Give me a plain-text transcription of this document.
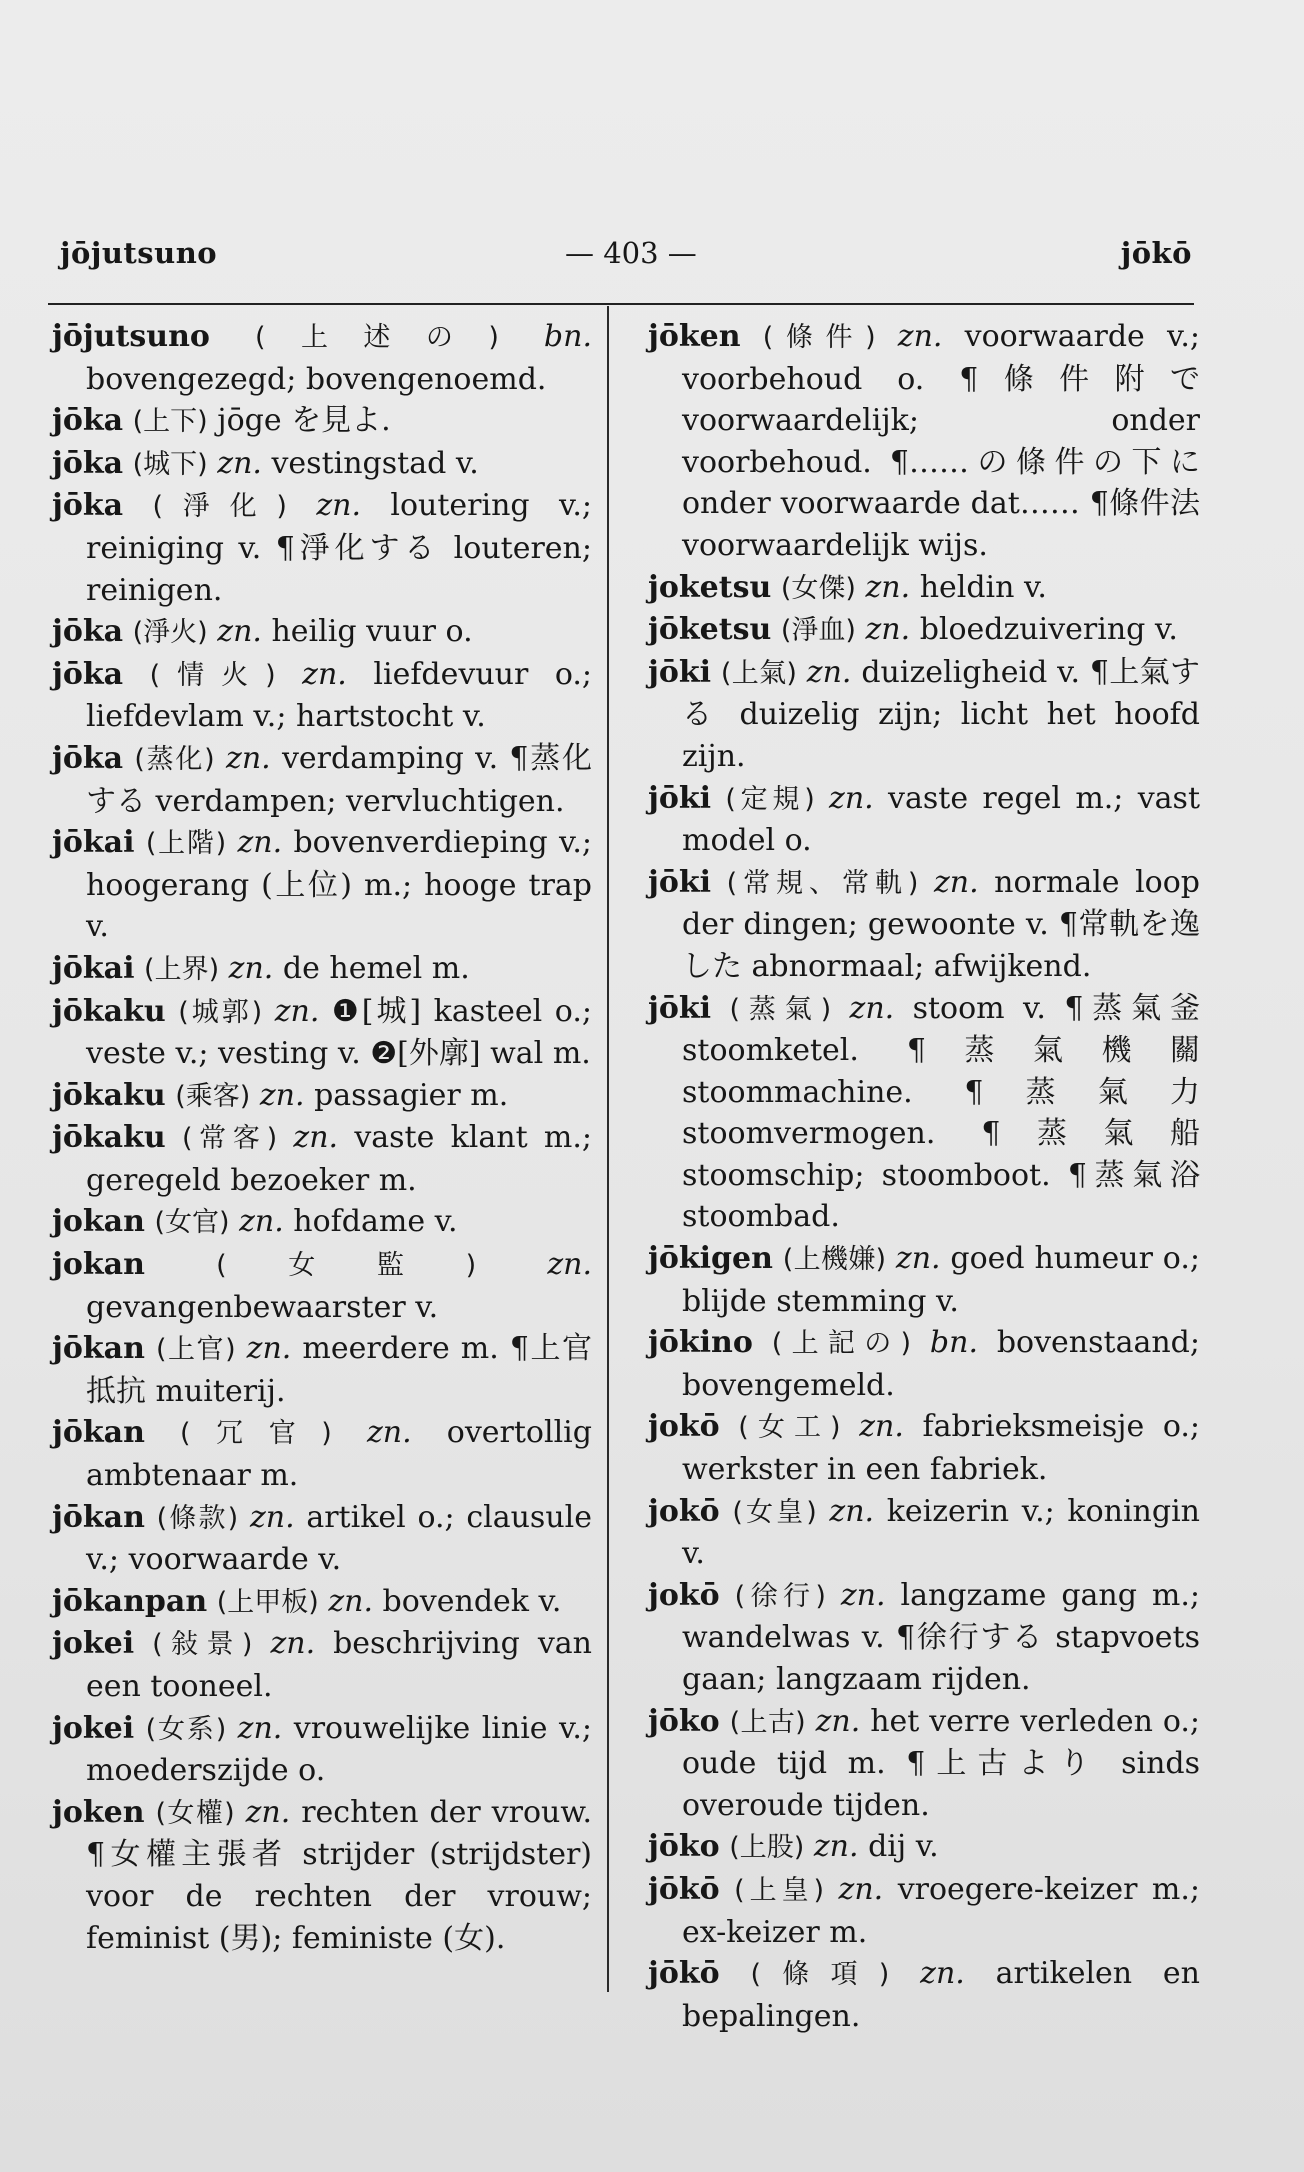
jōjutsuno	— 403 —	jōkō

jōjutsuno (上述の) bn. bovengezegd; bovengenoemd.

jōka (上下) jōge を見よ.

jōka (城下) zn. vestingstad v.

jōka (淨化) zn. loutering v.; reiniging v. ¶淨化する louteren; reinigen.

jōka (淨火) zn. heilig vuur o.

jōka (情火) zn. liefdevuur o.; liefdevlam v.; hartstocht v.

jōka (蒸化) zn. verdamping v. ¶蒸化する verdampen; vervluchtigen.

jōkai (上階) zn. bovenverdieping v.; hoogerang (上位) m.; hooge trap v.

jōkai (上界) zn. de hemel m.

jōkaku (城郭) zn. ❶[城] kasteel o.; veste v.; vesting v. ❷[外廓] wal m.

jōkaku (乘客) zn. passagier m.

jōkaku (常客) zn. vaste klant m.; geregeld bezoeker m.

jokan (女官) zn. hofdame v.

jokan	(女監) zn. gevangenbewaarster v.

jōkan (上官) zn. meerdere m. ¶上官抵抗 muiterij.

jōkan (冗官) zn. overtollig ambtenaar m.

jōkan (條款) zn. artikel o.; clausule v.; voorwaarde v.

jōkanpan (上甲板) zn. bovendek v.

jokei (敍景) zn. beschrijving van een tooneel.

jokei (女系) zn. vrouwelijke linie v.; moederszijde o.

joken (女權) zn. rechten der vrouw. ¶女權主張者 strijder (strijdster) voor de rechten der vrouw; feminist (男); feministe (女).

jōken (條件) zn. voorwaarde v.; voorbehoud o. ¶條件附で voorwaardelijk; onder voorbehoud. ¶……の條件の下に onder voorwaarde dat…… ¶條件法 voorwaardelijk wijs.

joketsu (女傑) zn. heldin v.

jōketsu (淨血) zn. bloedzuivering v.

jōki (上氣) zn. duizeligheid v. ¶上氣する duizelig zijn; licht het hoofd zijn.

jōki (定規) zn. vaste regel m.; vast model o.

jōki (常規、常軌) zn. normale loop der dingen; gewoonte v. ¶常軌を逸した abnormaal; afwijkend.

jōki (蒸氣) zn. stoom v. ¶蒸氣釜 stoomketel. ¶蒸氣機關 stoommachine. ¶蒸氣力 stoomvermogen. ¶蒸氣船 stoomschip; stoomboot. ¶蒸氣浴 stoombad.

jōkigen (上機嫌) zn. goed humeur o.; blijde stemming v.

jōkino (上記の) bn. bovenstaand; bovengemeld.

jokō (女工) zn. fabrieksmeisje o.; werkster in een fabriek.

jokō (女皇) zn. keizerin v.; koningin v.

jokō (徐行) zn. langzame gang m.; wandelwas v. ¶徐行する stapvoets gaan; langzaam rijden.

jōko (上古) zn. het verre verleden o.; oude tijd m. ¶上古より sinds overoude tijden.

jōko (上股) zn. dij v.

jōkō (上皇) zn. vroegere-keizer m.; ex-keizer m.

jōkō (條項) zn. artikelen en bepalingen.
